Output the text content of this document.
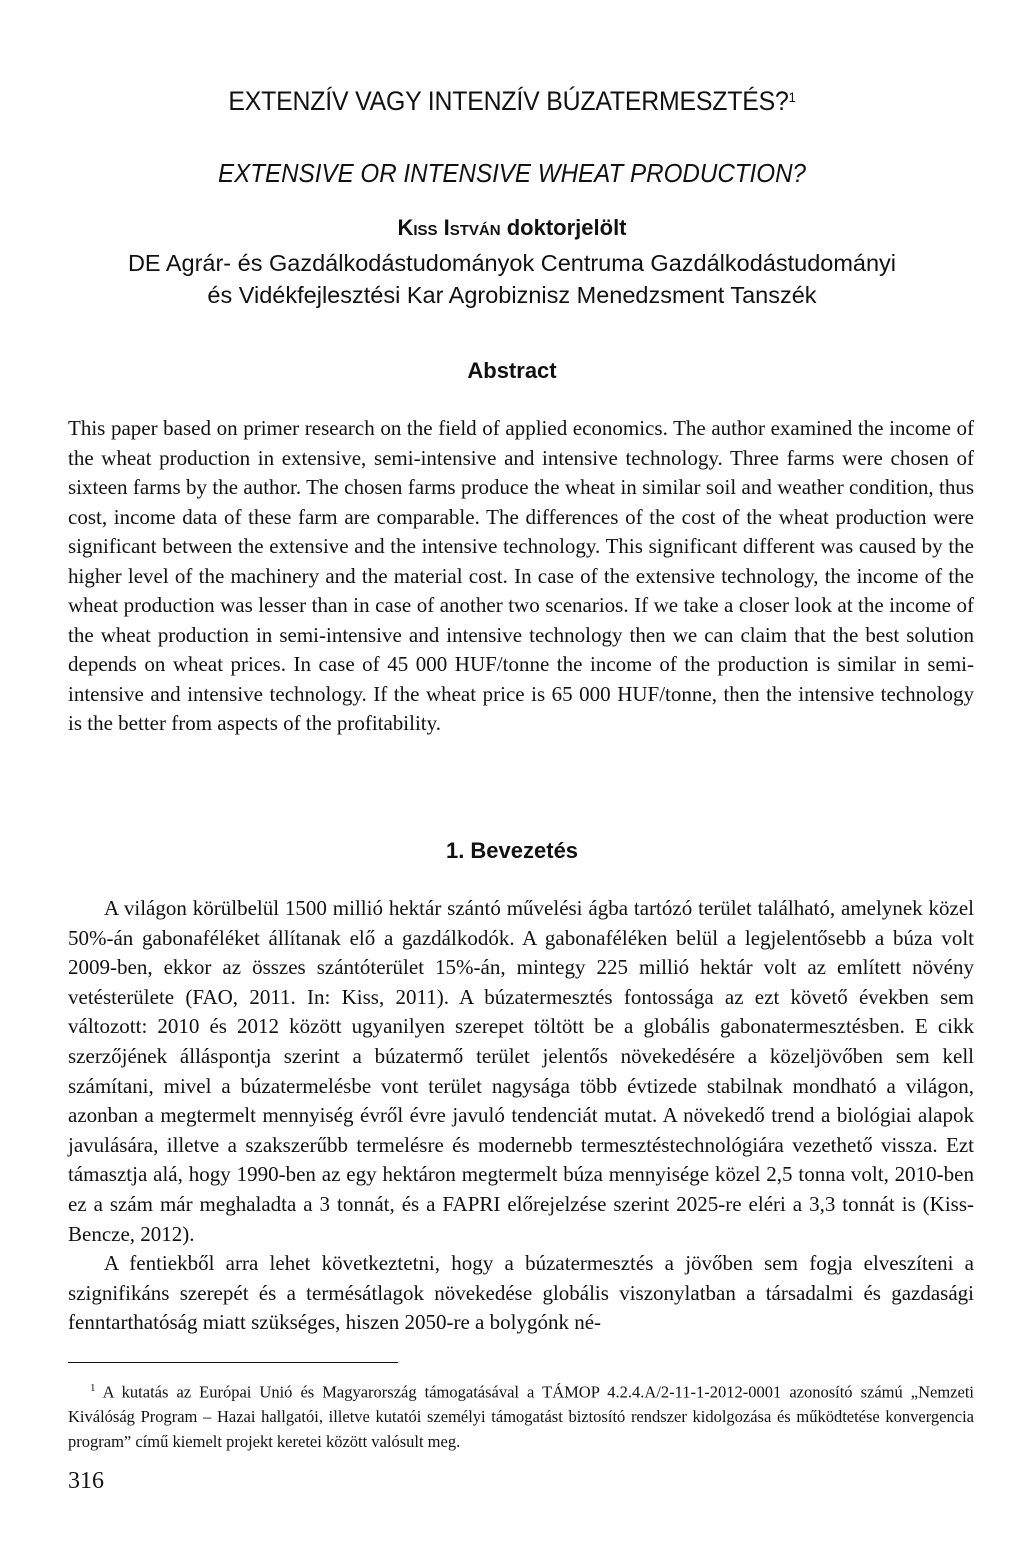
EXTENZÍV VAGY INTENZÍV BÚZATERMESZTÉS?$^1$
EXTENSIVE OR INTENSIVE WHEAT PRODUCTION?
Kiss István doktorjelölt
DE Agrár- és Gazdálkodástudományok Centruma Gazdálkodástudományi
és Vidékfejlesztési Kar Agrobiznisz Menedzsment Tanszék
Abstract
This paper based on primer research on the field of applied economics. The author examined the income of the wheat production in extensive, semi-intensive and intensive technology. Three farms were chosen of sixteen farms by the author. The chosen farms produce the wheat in similar soil and weather condition, thus cost, income data of these farm are comparable. The differences of the cost of the wheat production were significant between the extensive and the intensive technology. This significant different was caused by the higher level of the machinery and the material cost. In case of the extensive technology, the income of the wheat production was lesser than in case of another two scenarios. If we take a closer look at the income of the wheat production in semi-intensive and intensive technology then we can claim that the best solution depends on wheat prices. In case of 45 000 HUF/tonne the income of the production is similar in semi-intensive and intensive technology. If the wheat price is 65 000 HUF/tonne, then the intensive technology is the better from aspects of the profitability.
1. Bevezetés

A világon körülbelül 1500 millió hektár szántó művelési ágba tartózó terület található, amelynek közel 50%-án gabonaféléket állítanak elő a gazdálkodók. A gabonaféléken belül a legjelentősebb a búza volt 2009-ben, ekkor az összes szántóterület 15%-án, mintegy 225 millió hektár volt az említett növény vetésterülete (FAO, 2011. In: Kiss, 2011). A búzatermesztés fontossága az ezt követő években sem változott: 2010 és 2012 között ugyanilyen szerepet töltött be a globális gabonatermesztésben. E cikk szerzőjének álláspontja szerint a búzatermő terület jelentős növekedésére a közeljövőben sem kell számítani, mivel a búzatermelésbe vont terület nagysága több évtizede stabilnak mondható a világon, azonban a megtermelt mennyiség évről évre javuló tendenciát mutat. A növekedő trend a biológiai alapok javulására, illetve a szakszerűbb termelésre és modernebb termesztéstechnológiára vezethető vissza. Ezt támasztja alá, hogy 1990-ben az egy hektáron megtermelt búza mennyisége közel 2,5 tonna volt, 2010-ben ez a szám már meghaladta a 3 tonnát, és a FAPRI előrejelzése szerint 2025-re eléri a 3,3 tonnát is (Kiss-Bencze, 2012).

A fentiekből arra lehet következtetni, hogy a búzatermesztés a jövőben sem fogja elveszíteni a szignifikáns szerepét és a termésátlagok növekedése globális viszonylatban a társadalmi és gazdasági fenntarthatóság miatt szükséges, hiszen 2050-re a bolygónk né-

$^1$ A kutatás az Európai Unió és Magyarország támogatásával a TÁMOP 4.2.4.A/2-11-1-2012-0001 azonosító számú „Nemzeti Kiválóság Program – Hazai hallgatói, illetve kutatói személyi támogatást biztosító rendszer kidolgozása és működtetése konvergencia program” című kiemelt projekt keretei között valósult meg.
316
